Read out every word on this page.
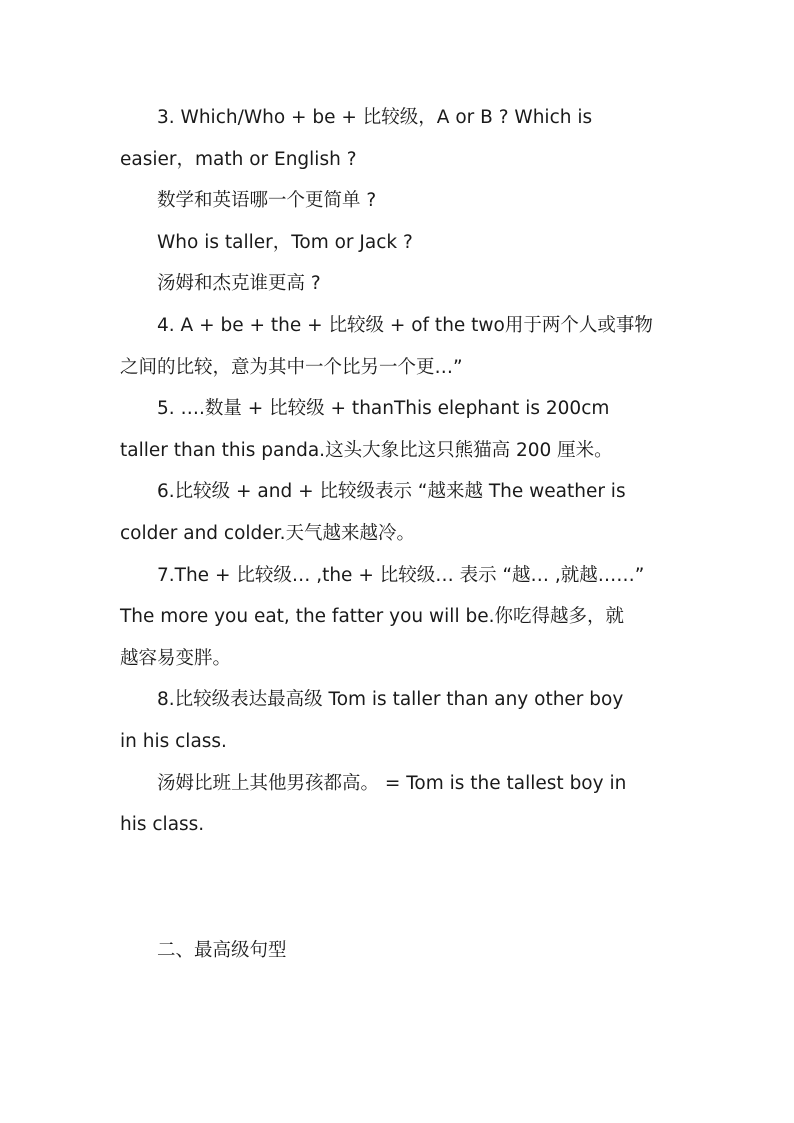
3. Which/Who + be + 比较级，A or B ? Which is
easier，math or English ?
数学和英语哪一个更简单 ?
Who is taller，Tom or Jack ?
汤姆和杰克谁更高 ?
4. A + be + the + 比较级 + of the two用于两个人或事物
之间的比较，意为其中一个比另一个更…”
5. ….数量 + 比较级 + thanThis elephant is 200cm
taller than this panda.这头大象比这只熊猫高 200 厘米。
6.比较级 + and + 比较级表示 “越来越 The weather is
colder and colder.天气越来越冷。
7.The + 比较级… ,the + 比较级… 表示 “越… ,就越……”
The more you eat, the fatter you will be.你吃得越多，就
越容易变胖。
8.比较级表达最高级 Tom is taller than any other boy
in his class.
汤姆比班上其他男孩都高。 = Tom is the tallest boy in
his class.
二、最高级句型
